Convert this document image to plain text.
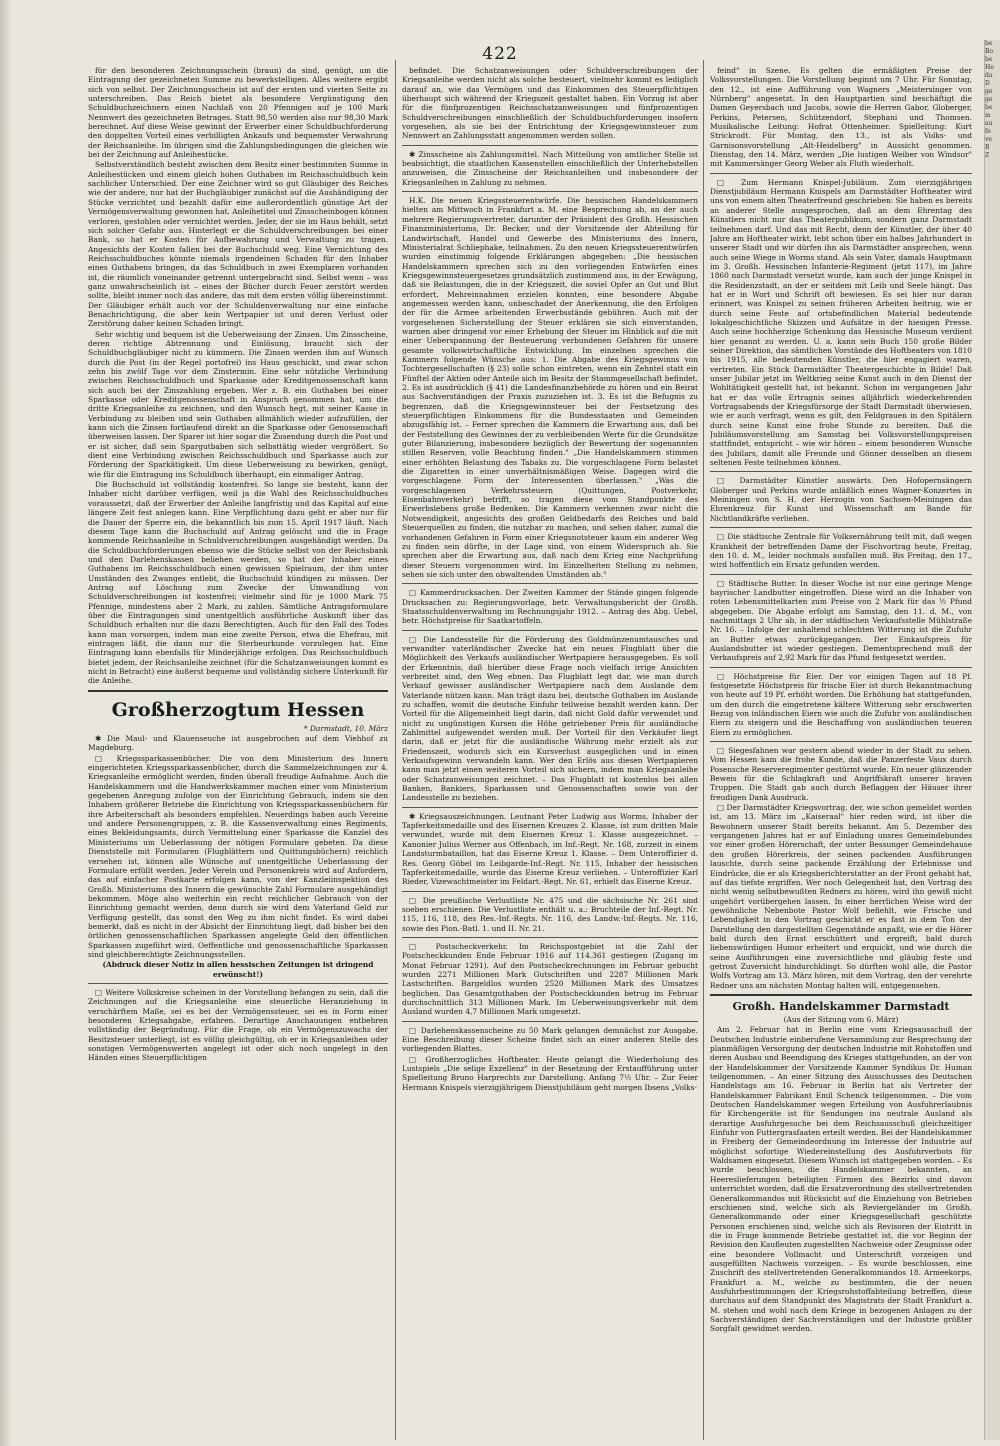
422

für den besonderen Zeichnungsschein (braun) da sind, genügt, um die Eintragung der gezeichneten Summe zu bewerkstelligen. Alles weitere ergibt sich von selbst. Der Zeichnungsschein ist auf der ersten und vierten Seite zu unterschreiben. Das Reich bietet als besondere Vergünstigung den Schuldbuchzeichnern einen Nachlaß von 20 Pfennigen auf je 100 Mark Nennwert des gezeichneten Betrages. Statt 98,50 werden also nur 98,30 Mark berechnet. Auf diese Weise gewinnt der Erwerber einer Schuldbuchforderung den doppelten Vorteil eines verbilligten Ankaufs und bequemster Verwahrung der Reichsanleihe. Im übrigen sind die Zahlungsbedingungen die gleichen wie bei der Zeichnung auf Anleihestücke.

Selbstverständlich besteht zwischen dem Besitz einer bestimmten Summe in Anleihestücken und einem gleich hohen Guthaben im Reichsschuldbuch kein sachlicher Unterschied. Der eine Zeichner wird so gut Gläubiger des Reiches wie der andere, nur hat der Buchgläubiger zunächst auf die Aushändigung der Stücke verzichtet und bezahlt dafür eine außerordentlich günstige Art der Vermögensverwaltung gewonnen hat. Anleihetitel und Zinsscheinbogen können verloren, gestohlen oder vernichtet werden. Jeder, der sie im Haus behält, setzt sich solcher Gefahr aus. Hinterlegt er die Schuldverschreibungen bei einer Bank, so hat er Kosten für Aufbewahrung und Verwaltung zu tragen. Angesichts der Kosten fallen bei der Buchschuld weg. Eine Vernichtung des Reichsschuldbuches könnte niemals irgendeinen Schaden für den Inhaber eines Guthabens bringen, da das Schuldbuch in zwei Exemplaren vorhanden ist, die räumlich voneinander getrennt untergebracht sind. Selbst wenn – was ganz unwahrscheinlich ist – eines der Bücher durch Feuer zerstört werden sollte, bleibt immer noch das andere, das mit dem ersten völlig übereinstimmt. Der Gläubiger erhält auch vor der Schuldenverwaltung nur eine einfache Benachrichtigung, die aber kein Wertpapier ist und deren Verlust oder Zerstörung daher keinen Schaden bringt.

Sehr wichtig und bequem ist die Ueberweisung der Zinsen. Um Zinsscheine, deren richtige Abtrennung und Einlösung, braucht sich der Schuldbuchgläubiger nicht zu kümmern. Die Zinsen werden ihm auf Wunsch durch die Post (in der Regel portofrei) ins Haus geschickt, und zwar schon zehn bis zwölf Tage vor dem Zinstermin. Eine sehr nützliche Verbindung zwischen Reichsschuldbuch und Sparkasse oder Kreditgenossenschaft kann sich auch bei der Zinszahlung ergeben. Wer z. B. ein Guthaben bei einer Sparkasse oder Kreditgenossenschaft in Anspruch genommen hat, um die dritte Kriegsanleihe zu zeichnen, und den Wunsch hegt, mit seiner Kasse in Verbindung zu bleiben und sein Guthaben allmählich wieder aufzufüllen, der kann sich die Zinsen fortlaufend direkt an die Sparkasse oder Genossenschaft überweisen lassen. Der Sparer ist hier sogar die Zusendung durch die Post und er ist sicher, daß sein Spargutbaben sich selbsttätig wieder vergrößert. So dient eine Verbindung zwischen Reichsschuldbuch und Sparkasse auch zur Förderung der Sparkätigkeit. Um diese Ueberweisung zu bewirken, genügt, wie für die Eintragung ins Schuldbuch überhaupt, ein einmaliger Antrag.

Die Buchschuld ist vollständig kostenfrei. So lange sie besteht, kann der Inhaber nicht darüber verfügen, weil ja die Wahl des Reichsschuldbuches voraussetzt, daß der Erwerber der Anleihe langfristig und das Kapital auf eine längere Zeit fest anlegen kann. Eine Verpflichtung dazu geht er aber nur für die Dauer der Sperre ein, die bekanntlich bis zum 15. April 1917 läuft. Nach diesem Tage kann die Buchschuld auf Antrag gelöscht und die in Frage kommende Reichsanleihe in Schuldverschreibungen ausgehändigt werden. Da die Schuldbuchforderungen ebenso wie die Stücke selbst von der Reichsbank und den Darlehenskassen beliehen werden, so hat der Inhaber eines Guthabens im Reichsschuldbuch einen gewissen Spielraum, der ihm unter Umständen des Zwanges entlebt, die Buchschuld kündigen zu müssen. Der Antrag auf Löschung zum Zwecke der Umwandlung von Schuldverschreibungen ist kostenfrei; vielmehr sind für je 1000 Mark 75 Pfennige, mindestens aber 2 Mark, zu zahlen. Sämtliche Antragsformulare über die Eintragungen sind unentgeltlich ausführliche Auskunft über das Schuldbuch erhalten nur die dazu Berechtigten. Auch für den Fall des Todes kann man vorsorgen, indem man eine zweite Person, etwa die Ehefrau, mit eintragen läßt, die dann nur die Sterbeurkunde vorzulegen hat. Eine Eintragung kann ebenfalls für Minderjährige erfolgen. Das Reichsschuldbuch bietet jedem, der Reichsanleihe zeichnet (für die Schatzanweisungen kommt es nicht in Betracht) eine äußerst bequeme und vollständig sichere Unterkunft für die Anleihe.

Großherzogtum Hessen

* Darmstadt, 10. März

✱ Die Maul- und Klauenseuche ist ausgebrochen auf dem Viehhof zu Magdeburg.

□ Kriegssparkassenbücher. Die von dem Ministerium des Innern eingerichteten Kriegssparkassenbücher, durch die Sammelzeichnungen zur 4. Kriegsanleihe ermöglicht werden, finden überall freudige Aufnahme. Auch die Handelskammern und die Handwerkskammer machen einer vom Ministerium gegebenen Anregung zufolge von der Einrichtung Gebrauch, indem sie den Inhabern größerer Betriebe die Einrichtung von Kriegssparkassenbüchern für ihre Arbeiterschaft als besonders empfehlen. Neuerdings haben auch Vereine und andere Personengruppen, z. B. die Kassenverwaltung eines Regiments, eines Bekleidungsamts, durch Vermittelung einer Sparkasse die Kanzlei des Ministeriums um Ueberlassung der nötigen Formulare gebeten. Da diese Dienststelle mit Formularen (Flugblättern und Quittungsbüchern) reichlich versehen ist, können alle Wünsche auf unentgeltliche Ueberlassung der Formulare erfüllt werden. Jeder Verein und Personenkreis wird auf Anfordern, das auf einfacher Postkarte erfolgen kann, von der Kanzleiinspektion des Großh. Ministeriums des Innern die gewünschte Zahl Formulare ausgehändigt bekommen. Möge also weiterhin ein recht reichlicher Gebrauch von der Einrichtung gemacht werden, denn durch sie wird dem Vaterland Geld zur Verfügung gestellt, das sonst den Weg zu ihm nicht findet. Es wird dabei bemerkt, daß es nicht in der Absicht der Einrichtung liegt, daß bisher bei den örtlichen genossenschaftlichen Sparkassen angelegte Geld den öffentlichen Sparkassen zugeführt wird. Oeffentliche und genossenschaftliche Sparkassen sind gleichberechtigte Zeichnungsstellen.

(Abdruck dieser Notiz in allen hessischen Zeitungen ist dringend erwünscht!)

□ Weitere Volkskreise scheinen in der Vorstellung befangen zu sein, daß die Zeichnungen auf die Kriegsanleihe eine steuerliche Heranziehung in verschärftem Maße, sei es bei der Vermögenssteuer, sei es in Form einer besonderen Kriegsabgabe, erfahren. Derartige Anschauungen entbehren vollständig der Begründung. Für die Frage, ob ein Vermögenszuwachs der Besitzsteuer unterliegt, ist es völlig gleichgültig, ob er in Kriegsanleihen oder sonstigen Vermögenswerten angelegt ist oder sich noch ungelegt in den Händen eines Steuerpflichtigen

befindet. Die Schatzanweisungen oder Schuldverschreibungen der Kriegsanleihe werden nicht als solche besteuert, vielmehr kommt es lediglich darauf an, wie das Vermögen und das Einkommen des Steuerpflichtigen überhaupt sich während der Kriegszeit gestaltet haben. Ein Vorzug ist aber für die fünfprozentigen Reichsschatzanweisungen und fünfprozentigen Schuldverschreibungen einschließlich der Schuldbuchforderungen insofern vorgesehen, als sie bei der Entrichtung der Kriegsgewinnsteuer zum Nennwert an Zahlungsstatt angenommen werden sollen.

✱ Zinsscheine als Zahlungsmittel. Nach Mitteilung von amtlicher Stelle ist beabsichtigt, die staatlichen Kassenstellen einschließlich der Unterhebstellen anzuweisen, die Zinsscheine der Reichsanleihen und insbesondere der Kriegsanleihen in Zahlung zu nehmen.

H.K. Die neuen Kriegssteuerentwürfe. Die hessischen Handelskammern hielten am Mittwoch in Frankfurt a. M. eine Besprechung ab, an der auch mehrere Regierungsvertreter, darunter der Präsident des Großh. Hessischen Finanzministeriums, Dr. Becker, und der Vorsitzende der Abteilung für Landwirtschaft, Handel und Gewerbe des Ministeriums des Innern, Ministerialrat Schliephake, teilnahmen. Zu den neuen Kriegssteuerentwürfen wurden einstimmig folgende Erklärungen abgegeben: „Die hessischen Handelskammern sprechen sich zu den vorliegenden Entwürfen eines Kriegsgewinnsteuergesetzes grundsätzlich zustimmend aus, in der Erwägung, daß sie Belastungen, die in der Kriegszeit, die soviel Opfer an Gut und Blut erfordert, Mehreinnahmen erzielen konnten, eine besondere Abgabe angemessen werden kann, unbeschadet der Anerkennung, die den Erfolgen der für die Armee arbeitenden Erwerbsstände gebühren. Auch mit der vorgesehenen Sicherstellung der Steuer erklären sie sich einverstanden, warnen aber dringend vor einer Erhebung der Steuer im Hinblick auf die mit einer Ueberspannung der Besteuerung verbundenen Gefahren für unsere gesamte volkswirtschaftliche Entwicklung. Im einzelnen sprechen die Kammern folgende Wünsche aus: 1. Die Abgabe des Kriegsgewinns von Tochtergesellschaften (§ 23) solle schon eintreten, wenn ein Zehntel statt ein Fünftel der Aktien oder Anteile sich im Besitz der Stammgesellschaft befindet. 2. Es ist ausdrücklich (§ 41) die Landesfinanzbehörde zu hören und ein Beirat aus Sachverständigen der Praxis zuzuziehen ist. 3. Es ist die Befugnis zu begrenzen, daß die Kriegsgewinnsteuer bei der Festsetzung des steuerpflichtigen Einkommens für die Bundesstaaten und Gemeinden abzugsfähig ist. – Ferner sprechen die Kammern die Erwartung aus, daß bei der Feststellung des Gewinnes der zu verbleibenden Werte für die Grundsätze guter Bilanzierung, insbesondere bezüglich der Bewertung der sogenannten stillen Reserven, volle Beachtung finden." „Die Handelskammern stimmen einer erhöhten Belastung des Tabaks zu. Die vorgeschlagene Form belastet die Zigaretten in einer unverhältnismäßigen Weise. Dagegen wird die vorgeschlagene Form der Interessenten überlassen." „Was die vorgeschlagenen Verkehrssteuern (Quittungen, Postverkehr, Eisenbahnverkehr) betrifft, so tragen diese vom Standpunkte des Erwerbslebens große Bedenken. Die Kammern verkennen zwar nicht die Notwendigkeit, angesichts des großen Geldbedarfs des Reiches und bald Steuerquellen zu finden, die nutzbar zu machen, und sehen daher, zumal die vorhandenen Gefahren in Form einer Kriegsnotsteuer kaum ein anderer Weg zu finden sein dürfte, in der Lage sind, von einem Widerspruch ab. Sie sprechen aber die Erwartung aus, daß nach dem Krieg eine Nachprüfung dieser Steuern vorgenommen wird. Im Einzelheiten Stellung zu nehmen, sehen sie sich unter den obwaltenden Umständen ab."

□ Kammerdrucksachen. Der Zweiten Kammer der Stände gingen folgende Drucksachen zu: Regierungsvorlage, betr. Verwaltungsbericht der Großh. Staatsschuldenverwaltung im Rechnungsjahr 1912. – Antrag des Abg. Uebel, betr. Höchstpreise für Saatkartoffeln.

□ Die Landesstelle für die Förderung des Goldmünzenumtausches und verwandter vaterländischer Zwecke hat ein neues Flugblatt über die Möglichkeit des Verkaufs ausländischer Wertpapiere herausgegeben. Es soll der Erkenntnis, daß hierüber diese Frage noch vielfach irrige Ansichten verbreitet sind, den Weg ebnen. Das Flugblatt legt dar, wie man durch Verkauf gewisser ausländischer Wertpapiere nach dem Auslande dem Vaterlande nützen kann. Man trägt dazu bei, deutsche Guthaben im Auslande zu schaffen, womit die deutsche Einfuhr teilweise bezahlt werden kann. Der Vorteil für die Allgemeinheit liegt darin, daß nicht Gold dafür verwendet und nicht zu ungünstigen Kursen die Höhe getriebener Preis für ausländische Zahlmittel aufgewendet werden muß. Der Vorteil für den Verkäufer liegt darin, daß er jetzt für die ausländische Währung mehr erzielt als zur Friedenszeit, wodurch sich ein Kursverlust ausgeglichen und in einen Verkaufsgewinn verwandeln kann. Wer den Erlös aus diesen Wertpapieren kann man jetzt einen weiteren Vorteil sich sichern, indem man Kriegsanleihe oder Schatzanweisungen zeichnet. – Das Flugblatt ist kostenlos bei allen Banken, Bankiers, Sparkassen und Genossenschaften sowie von der Landesstelle zu beziehen.

✱ Kriegsauszeichnungen. Leutnant Peter Ludwig aus Worms, Inhaber der Tapferkeitsmedaille und des Eisernen Kreuzes 2. Klasse, ist zum dritten Male verwundet, wurde mit dem Eisernen Kreuz 1. Klasse ausgezeichnet. – Kanonier Julius Werner aus Offenbach, im Inf.-Regt. Nr. 168, zurzeit in einem Landsturmbataillon, hat das Eiserne Kreuz 1. Klasse. – Dem Unteroffizier d. Res. Georg Göbel im Leibgarde-Inf.-Regt. Nr. 115, Inhaber der hessischen Tapferkeitsmedaille, wurde das Eiserne Kreuz verliehen. – Unteroffizier Karl Rieder, Vizewachtmeister im Feldart.-Regt. Nr. 61, erhielt das Eiserne Kreuz.

□ Die preußische Verlustliste Nr. 475 und die sächsische Nr. 261 sind soeben erschienen. Die Verlustliste enthält u. a.: Bruchteile der Inf.-Regt. Nr. 115, 116, 118, des Res.-Inf.-Regts. Nr. 116, des Landw.-Inf.-Regts. Nr. 116, sowie des Pion.-Batl. 1. und II. Nr. 21.

□ Postscheckverkehr. Im Reichspostgebiet ist die Zahl der Postscheckkunden Ende Februar 1916 auf 114.361 gestiegen (Zugang im Monat Februar 1291). Auf den Postscheckrechnungen im Februar gebucht wurden 2271 Millionen Mark Gutschriften und 2287 Millionen Mark Lastschriften. Bargeldlos wurden 2520 Millionen Mark des Umsatzes beglichen. Das Gesamtguthaben der Postscheckkunden betrug im Februar durchschnittlich 313 Millionen Mark. Im Ueberweisungsverkehr mit dem Ausland wurden 4,7 Millionen Mark umgesetzt.

□ Darlehenskassenscheine zu 50 Mark gelangen demnächst zur Ausgabe. Eine Beschreibung dieser Scheine findet sich an einer anderen Stelle des vorliegenden Blattes.

□ Großherzogliches Hoftheater. Heute gelangt die Wiederholung des Lustspiels „Die selige Exzellenz" in der Besetzung der Erstaufführung unter Spielleitung Bruno Harprechts zur Darstellung. Anfang 7½ Uhr. – Zur Feier Hermann Knispels vierzigjährigem Dienstjubiläum geht morgen Ibsens „Volks-

feind" in Szene. Es gelten die ermäßigten Preise der Volksvorstellungen. Die Vorstellung beginnt um 7 Uhr. Für Sonntag, den 12., ist eine Aufführung von Wagners „Meistersinger von Nürnberg" angesetzt. In den Hauptpartien sind beschäftigt die Damen Geyersbach und Jacobs, sowie die Herren Gabor, Globerger, Perkins, Petersen, Schützendorf, Stephani und Thomsen. Musikalische Leitung: Hofrat Ottenheimer. Spielleitung: Kurt Strickrodt. Für Montag, den 13., ist als Volks- und Garnisonsvorstellung „Alt-Heidelberg" in Aussicht genommen. Dienstag, den 14. März, werden „Die lustigen Weiber von Windsor" mit Kammersänger Georg Weber als Fluth wiederholt.

□ Zum Hermann Knispel-Jubiläum. Zum vierzigjährigen Dienstjubiläum Hermann Knispels am Darmstädter Hoftheater wird uns von einem alten Theaterfreund geschrieben: Sie haben es bereits an anderer Stelle ausgesprochen, daß an dem Ehrentag des Künstlers nicht nur das Theaterpublikum, sondern ganz Darmstadt teilnehmen darf. Und das mit Recht, denn der Künstler, der über 40 Jahre am Hoftheater wirkt, lebt schon über ein halbes Jahrhundert in unserer Stadt und wir dürfen ihn als Darmstädter ansprechen, wenn auch seine Wiege in Worms stand. Als sein Vater, damals Hauptmann im 3. Großh. Hessischen Infanterie-Regiment (jetzt 117), im Jahre 1860 nach Darmstadt versetzt wurde, kam auch der junge Knispel in die Residenzstadt, an der er seitdem mit Leib und Seele hängt. Das hat er in Wort und Schrift oft bewiesen. Es sei hier nur daran erinnert, was Knispel zu seinen früheren Arbeiten beitrug, wie er durch seine Feste auf ortsbefindlichen Material bedeutende lokalgeschichtliche Skizzen und Aufsätze in der hiesigen Presse. Auch seine hochherzige Schenkung das Hessische Museum verdient hier genannt zu werden. U. a. kann sein Buch 150 große Bilder seiner Direktion, das sämtlichen Vorstände des Hoftheaters von 1810 bis 1915, alle bedeutenden Künstler, die hier engagiert waren, vertreten. Ein Stück Darmstädter Theatergeschichte in Bilde! Daß unser Jubilar jetzt im Weltkrieg seine Kunst auch in den Dienst der Wohltätigkeit gestellt hat, ist bekannt. Schon im vergangenen Jahr hat er das volle Ertragnis seines alljährlich wiederkehrenden Vortragsabends der Kriegsfürsorge der Stadt Darmstadt überwiesen, wie er auch verfragt, wenn es gilt, den Feldgrauen in den Spitälern durch seine Kunst eine frohe Stunde zu bereiten. Daß die Jubiläumsvorstellung am Samstag bei Volksvorstellungspreisen stattfindet, entspricht – wie wir hören – einem besonderen Wunsche des Jubilars, damit alle Freunde und Gönner desselben an diesem seltenen Feste teilnehmen können.

□ Darmstädter Künstler auswärts. Den Hofopernsängern Globerger und Perkins wurde anläßlich eines Wagner-Konzertes in Meiningen von S. H. der Herzogin von Sachsen-Meiningen das Ehrenkreuz für Kunst und Wissenschaft am Bande für Nichtlandkräfte verliehen.

□ Die städtische Zentrale für Volksernährung teilt mit, daß wegen Krankheit der betreffenden Dame der Fischvortrag heute, Freitag, den 10. d. M., leider nochmals ausfallen muß. Bis Freitag, den 17., wird hoffentlich ein Ersatz gefunden werden.

□ Städtische Butter. In dieser Woche ist nur eine geringe Menge bayrischer Landbutter eingetroffen. Diese wird an die Inhaber von roten Lebensmittelkarten zum Preise von 2 Mark für das ½ Pfund abgegeben. Die Abgabe erfolgt am Samstag, den 11. d. M., von nachmittags 2 Uhr ab, in der städtischen Verkaufsstelle Mühlstraße Nr. 16. – Infolge der anhaltend schlechten Witterung ist die Zufuhr an Butter etwas zurückgegangen. Der Einkaufspreis für Auslandsbutter ist wieder gestiegen. Dementsprechend muß der Verkaufspreis auf 2,92 Mark für das Pfund festgesetzt werden.

□ Höchstpreise für Eier. Der vor einigen Tagen auf 18 Pf. festgesetzte Höchstpreis für frische Eier ist durch Bekanntmachung von heute auf 19 Pf. erhöht worden. Die Erhöhung hat stattgefunden, um den durch die eingetretene kältere Witterung sehr erschwerten Bezug von inländischen Eiern wie auch die Zufuhr von ausländischen Eiern zu steigern und die Beschaffung von ausländischen teueren Eiern zu ermöglichen.

□ Siegesfahnen war gestern abend wieder in der Stadt zu sehen. Vom Hessen kam die frohe Kunde, daß die Panzerfeste Vaux durch Posensche Reserveregimenter gestürmt wurde. Ein neuer glänzender Beweis für die Schlagkraft und Angriffskraft unserer braven Truppen. Die Stadt gab auch durch Beflaggen der Häuser ihrer freudigen Dank Ausdruck.

□ Der Darmstädter Kriegsvortrag, der, wie schon gemeldet worden ist, am 13. März im „Kaiseraal" hier reden wird, ist über die Bewohnern unserer Stadt bereits bekannt. Am 5. Dezember des vergangenen Jahres hat er auf Einladung unsres Gemeindebundes vor einer großen Hörerschaft, der unter Bessunger Gemeindehause den großen Hörerkreis, der seinen packenden Ausführungen lauschte, durch seine packende Erzählung der Erlebnisse und Eindrücke, die er als Kriegsberichterstatter an der Front gehabt hat, auf das tiefste ergriffen. Wer noch Gelegenheit hat, den Vortrag des nicht wenig selbstbewußten Redners zu hören, wird ihn gewiß nicht ungehört vorübergehen lassen. In einer herrlichen Weise wird der gewöhnliche Nebenbote Pastor Wolf befiehlt, wie Frische und Lebendigkeit in den Vortrag geschickt er es fast in dem Ton der Darstellung den dargestellten Gegenstände anpaßt, wie er die Hörer bald durch den Ernst erschüttert und ergreift, bald durch liebenswürdigen Humor erheitert und erquickt, und wie durch die seine Ausführungen eine zuversichtliche und gläubig feste und getrost Zuversicht hindurchklingt. So dürften wohl alle, die Pastor Wolfs Vortrag am 13. März hören, mit dem Vortrag, den der verehrte Redner uns am nächsten Montag halten will, entgegensehen.

Großh. Handelskammer Darmstadt

(Aus der Sitzung vom 6. März)

Am 2. Februar hat in Berlin eine vom Kriegsausschuß der Deutschen Industrie einberufene Versammlung zur Besprechung der planmäßigen Versorgung der deutschen Industrie mit Rohstoffen und deren Ausbau und Beendigung des Krieges stattgefunden, an der von der Handelskammer der Vorsitzende Kammer Syndikus Dr. Human teilgenommen. – An einer Sitzung des Ausschusses des Deutschen Handelstags am 16. Februar in Berlin hat als Vertreter der Handelskammer Fabrikant Emil Schenck teilgenommen. – Die vom Deutschen Handelskammer wegen Erteilung von Ausfuhrerlaubnis für Kirchengeräte ist für Sendungen ins neutrale Ausland als derartige Ausfuhrgesuche bei dem Reichsausschuß gleichzeitiger Einfuhr von Futtergrasfaaten erteilt werden. Bei der Handelskammer in Freiberg der Gemeindeordnung im Interesse der Industrie auf möglichst sofortige Wiedereinstellung des Ausfuhrverbots für Waldsamen eingesetzt. Diesem Wunsch ist stattgegeben worden. – Es wurde beschlossen, die Handelskammer bekannten, an Heereslieferungen beteiligten Firmen des Bezirks sind davon unterrichtet worden, daß die Ersatzverordnung des stellvertretenden Generalkommandos mit Rücksicht auf die Einziehung von Betrieben erschienen sind, welche sich als Reviergeländer im Großh. Generalkommando oder einer Kriegsgesellschaft geschützte Personen erschienen sind, welche sich als Revisoren der Eintritt in die in Frage kommende Betriebe gestattet ist, die vor Beginn der Revision den Kaufleuten zugestellten Nachweise oder Zeugnisse oder eine besondere Vollmacht und Unterschrift vorzeigen und ausgefüllten Nachweis vorzeigen. – Es wurde beschlossen, eine Zuschrift des stellvertretenden Generalkommandos 18. Armeekorps, Frankfurt a. M., welche zu bestimmten, die der neuen Ausfuhrbestimmungen der Kriegsrohstoffabteilung betreffen, diese durchaus auf dem Standpunkt des Magistrats der Stadt Frankfurt a. M. stehen und wohl nach dem Kriege in bezogenen Anlagen zu der Sachverständigen der Sachverständigen und der Industrie größter Sorgfalt gewidmet werden.

be
Bo
be
He
da
D
ge
ge
be
m
au
fe
ve
B
Z
